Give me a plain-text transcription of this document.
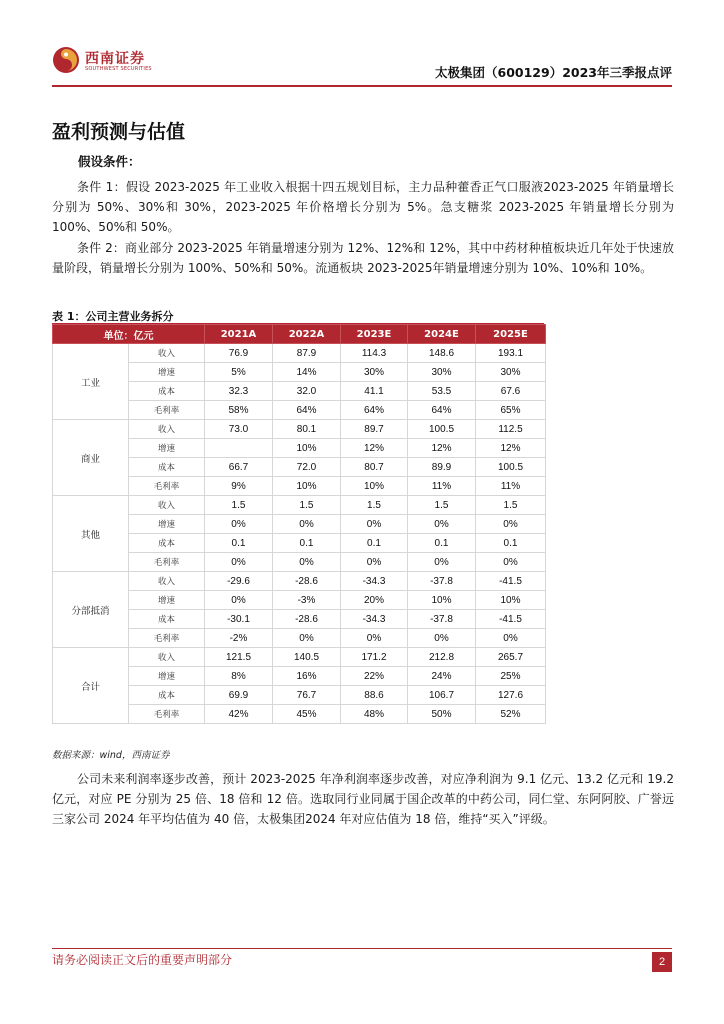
西南证券
SOUTHWEST SECURITIES	太极集团（600129）2023年三季报点评
盈利预测与估值
假设条件：
条件 1：假设 2023-2025 年工业收入根据十四五规划目标，主力品种藿香正气口服液2023-2025 年销量增长分别为 50%、30%和 30%，2023-2025 年价格增长分别为 5%。急支糖浆 2023-2025 年销量增长分别为 100%、50%和 50%。
条件 2：商业部分 2023-2025 年销量增速分别为 12%、12%和 12%，其中中药材种植板块近几年处于快速放量阶段，销量增长分别为 100%、50%和 50%。流通板块 2023-2025年销量增速分别为 10%、10%和 10%。
表 1：公司主营业务拆分
单位：亿元		2021A	2022A	2023E	2024E	2025E
工业	收入	76.9	87.9	114.3	148.6	193.1
	增速	5%	14%	30%	30%	30%
	成本	32.3	32.0	41.1	53.5	67.6
	毛利率	58%	64%	64%	64%	65%
商业	收入	73.0	80.1	89.7	100.5	112.5
	增速		10%	12%	12%	12%
	成本	66.7	72.0	80.7	89.9	100.5
	毛利率	9%	10%	10%	11%	11%
其他	收入	1.5	1.5	1.5	1.5	1.5
	增速	0%	0%	0%	0%	0%
	成本	0.1	0.1	0.1	0.1	0.1
	毛利率	0%	0%	0%	0%	0%
分部抵消	收入	-29.6	-28.6	-34.3	-37.8	-41.5
	增速	0%	-3%	20%	10%	10%
	成本	-30.1	-28.6	-34.3	-37.8	-41.5
	毛利率	-2%	0%	0%	0%	0%
合计	收入	121.5	140.5	171.2	212.8	265.7
	增速	8%	16%	22%	24%	25%
	成本	69.9	76.7	88.6	106.7	127.6
	毛利率	42%	45%	48%	50%	52%
数据来源：wind，西南证券
公司未来利润率逐步改善，预计 2023-2025 年净利润率逐步改善，对应净利润为 9.1 亿元、13.2 亿元和 19.2 亿元，对应 PE 分别为 25 倍、18 倍和 12 倍。选取同行业同属于国企改革的中药公司，同仁堂、东阿阿胶、广誉远三家公司 2024 年平均估值为 40 倍，太极集团2024 年对应估值为 18 倍，维持“买入”评级。
请务必阅读正文后的重要声明部分	2
